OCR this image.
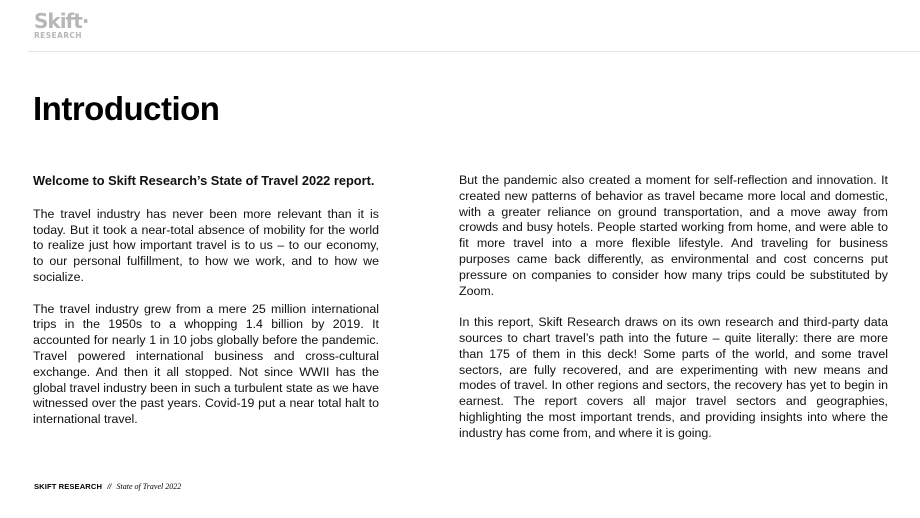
Skift·
RESEARCH
Introduction

Welcome to Skift Research’s State of Travel 2022 report.

The travel industry has never been more relevant than it is today. But it took a near-total absence of mobility for the world to realize just how important travel is to us – to our economy, to our personal fulfillment, to how we work, and to how we socialize.

The travel industry grew from a mere 25 million international trips in the 1950s to a whopping 1.4 billion by 2019. It accounted for nearly 1 in 10 jobs globally before the pandemic. Travel powered international business and cross-cultural exchange. And then it all stopped. Not since WWII has the global travel industry been in such a turbulent state as we have witnessed over the past years. Covid-19 put a near total halt to international travel.

But the pandemic also created a moment for self-reflection and innovation. It created new patterns of behavior as travel became more local and domestic, with a greater reliance on ground transportation, and a move away from crowds and busy hotels. People started working from home, and were able to fit more travel into a more flexible lifestyle. And traveling for business purposes came back differently, as environmental and cost concerns put pressure on companies to consider how many trips could be substituted by Zoom.

In this report, Skift Research draws on its own research and third-party data sources to chart travel’s path into the future – quite literally: there are more than 175 of them in this deck! Some parts of the world, and some travel sectors, are fully recovered, and are experimenting with new means and modes of travel. In other regions and sectors, the recovery has yet to begin in earnest. The report covers all major travel sectors and geographies, highlighting the most important trends, and providing insights into where the industry has come from, and where it is going.

SKIFT RESEARCH // State of Travel 2022
